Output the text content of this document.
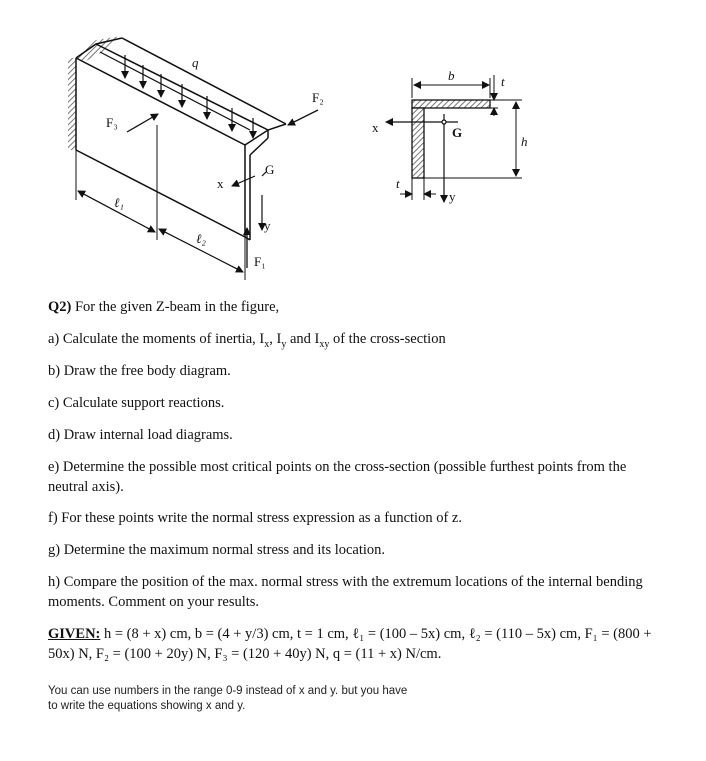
q
F₂
F₃
x
G
y
F₁
ℓ₁
ℓ₂
b	t
x	G
h
t
y
Q2) For the given Z-beam in the figure,
a) Calculate the moments of inertia, $I_x$, $I_y$ and $I_{xy}$ of the cross-section
b) Draw the free body diagram.
c) Calculate support reactions.
d) Draw internal load diagrams.
e) Determine the possible most critical points on the cross-section (possible furthest points from the neutral axis).
f) For these points write the normal stress expression as a function of z.
g) Determine the maximum normal stress and its location.
h) Compare the position of the max. normal stress with the extremum locations of the internal bending moments. Comment on your results.
GIVEN: h = (8 + x) cm, b = (4 + y/3) cm, t = 1 cm, ℓ₁ = (100 – 5x) cm, ℓ₂ = (110 – 5x) cm, F₁ = (800 + 50x) N, F₂ = (100 + 20y) N, F₃ = (120 + 40y) N, q = (11 + x) N/cm.
You can use numbers in the range 0-9 instead of x and y. but you have
to write the equations showing x and y.
